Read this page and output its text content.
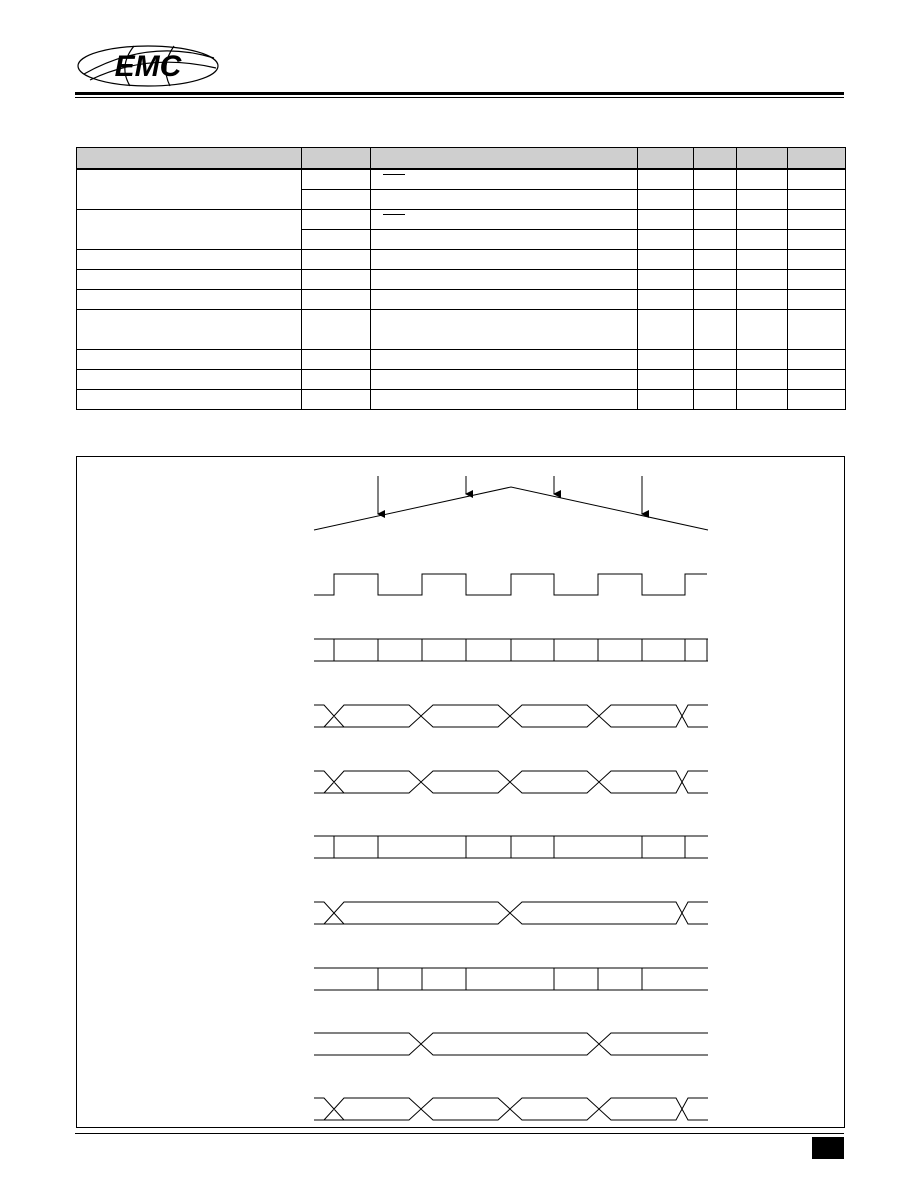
EMC
